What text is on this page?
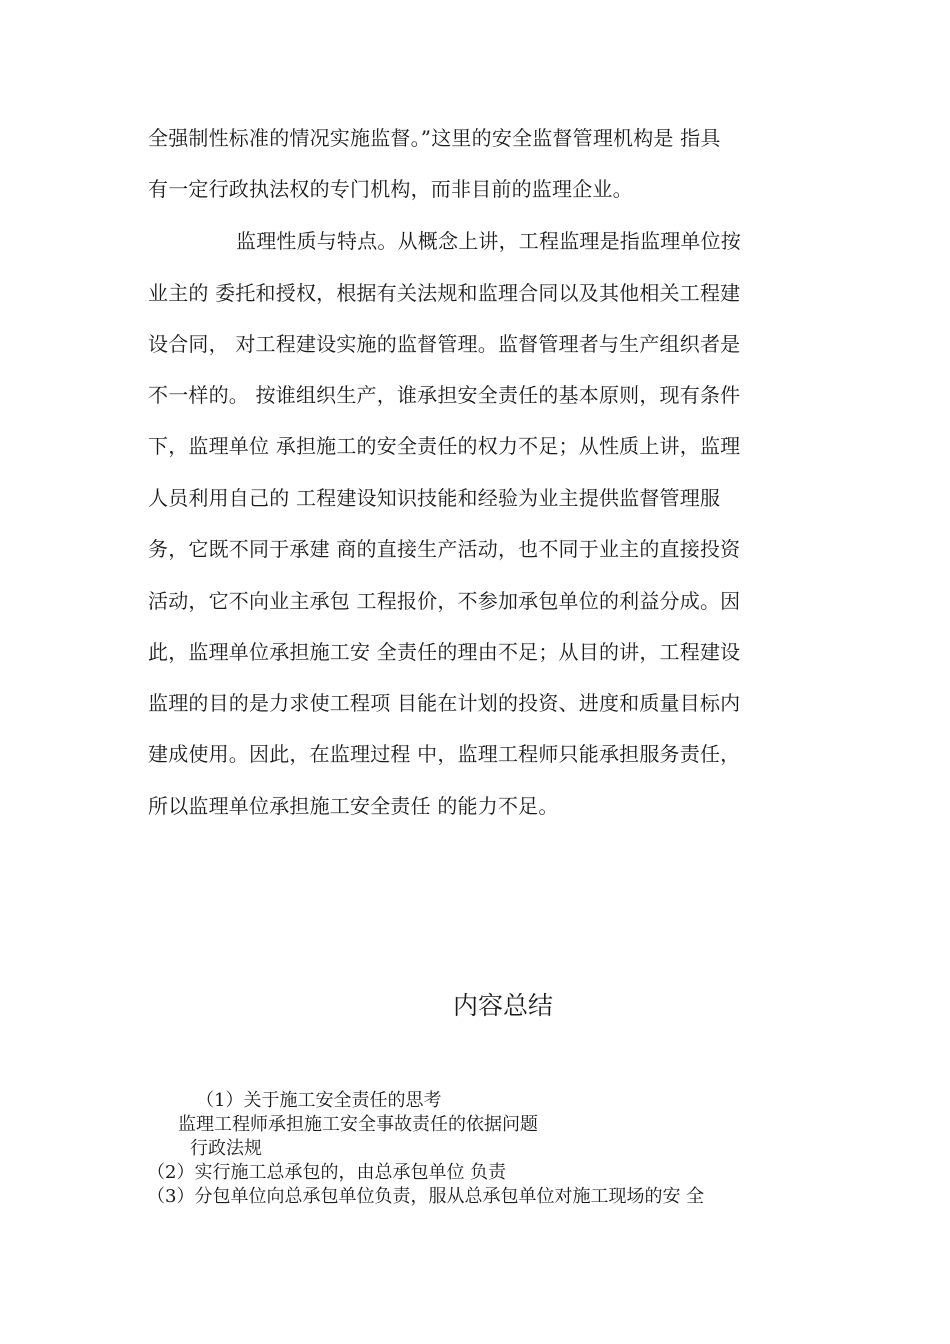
全强制性标准的情况实施监督。”这里的安全监督管理机构是 指具
有一定行政执法权的专门机构，而非目前的监理企业。
监理性质与特点。从概念上讲，工程监理是指监理单位按
业主的 委托和授权，根据有关法规和监理合同以及其他相关工程建
设合同， 对工程建设实施的监督管理。监督管理者与生产组织者是
不一样的。 按谁组织生产，谁承担安全责任的基本原则，现有条件
下，监理单位 承担施工的安全责任的权力不足；从性质上讲，监理
人员利用自己的 工程建设知识技能和经验为业主提供监督管理服
务，它既不同于承建 商的直接生产活动，也不同于业主的直接投资
活动，它不向业主承包 工程报价，不参加承包单位的利益分成。因
此，监理单位承担施工安 全责任的理由不足；从目的讲，工程建设
监理的目的是力求使工程项 目能在计划的投资、进度和质量目标内
建成使用。因此，在监理过程 中，监理工程师只能承担服务责任，
所以监理单位承担施工安全责任 的能力不足。
内容总结
（1）关于施工安全责任的思考
监理工程师承担施工安全事故责任的依据问题
行政法规
（2）实行施工总承包的，由总承包单位 负责
（3）分包单位向总承包单位负责，服从总承包单位对施工现场的安 全
